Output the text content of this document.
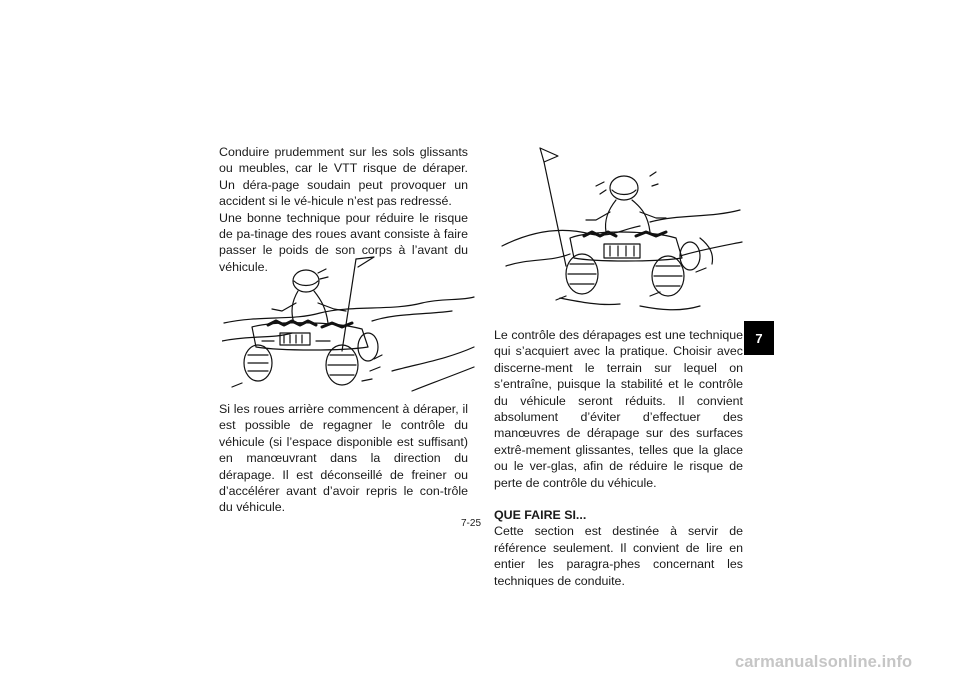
Conduire prudemment sur les sols glissants ou meubles, car le VTT risque de déraper. Un déra-page soudain peut provoquer un accident si le vé-hicule n’est pas redressé.

Une bonne technique pour réduire le risque de pa-tinage des roues avant consiste à faire passer le poids de son corps à l’avant du véhicule.

Si les roues arrière commencent à déraper, il est possible de regagner le contrôle du véhicule (si l’espace disponible est suffisant) en manœuvrant dans la direction du dérapage. Il est déconseillé de freiner ou d’accélérer avant d’avoir repris le con-trôle du véhicule.

Le contrôle des dérapages est une technique qui s’acquiert avec la pratique. Choisir avec discerne-ment le terrain sur lequel on s’entraîne, puisque la stabilité et le contrôle du véhicule seront réduits. Il convient absolument d’éviter d’effectuer des manœuvres de dérapage sur des surfaces extrê-mement glissantes, telles que la glace ou le ver-glas, afin de réduire le risque de perte de contrôle du véhicule.

QUE FAIRE SI...

Cette section est destinée à servir de référence seulement. Il convient de lire en entier les paragra-phes concernant les techniques de conduite.

7
7-25
carmanualsonline.info
